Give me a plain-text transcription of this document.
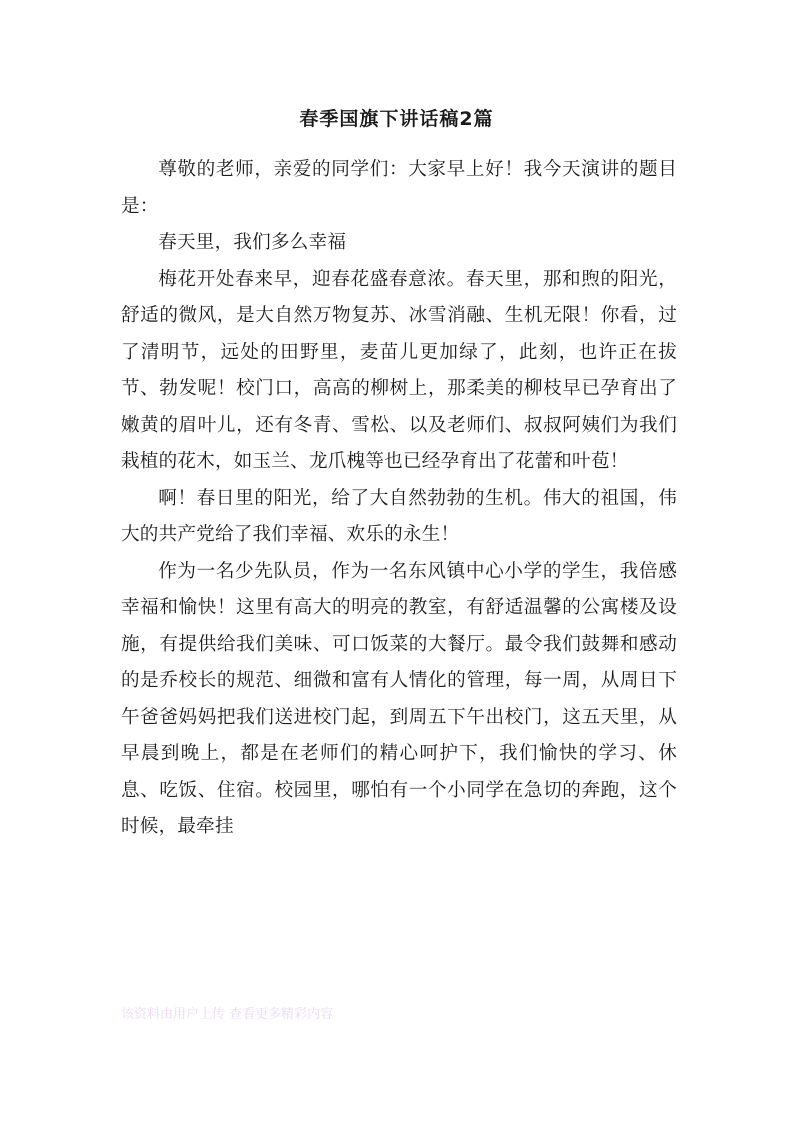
春季国旗下讲话稿2篇

尊敬的老师，亲爱的同学们：大家早上好！我今天演讲的题目是：

春天里，我们多么幸福

梅花开处春来早，迎春花盛春意浓。春天里，那和煦的阳光，舒适的微风，是大自然万物复苏、冰雪消融、生机无限！你看，过了清明节，远处的田野里，麦苗儿更加绿了，此刻，也许正在拔节、勃发呢！校门口，高高的柳树上，那柔美的柳枝早已孕育出了嫩黄的眉叶儿，还有冬青、雪松、以及老师们、叔叔阿姨们为我们栽植的花木，如玉兰、龙爪槐等也已经孕育出了花蕾和叶苞！

啊！春日里的阳光，给了大自然勃勃的生机。伟大的祖国，伟大的共产党给了我们幸福、欢乐的永生！

作为一名少先队员，作为一名东风镇中心小学的学生，我倍感幸福和愉快！这里有高大的明亮的教室，有舒适温馨的公寓楼及设施，有提供给我们美味、可口饭菜的大餐厅。最令我们鼓舞和感动的是乔校长的规范、细微和富有人情化的管理，每一周，从周日下午爸爸妈妈把我们送进校门起，到周五下午出校门，这五天里，从早晨到晚上，都是在老师们的精心呵护下，我们愉快的学习、休息、吃饭、住宿。校园里，哪怕有一个小同学在急切的奔跑，这个时候，最牵挂

该资料由用户上传 查看更多精彩内容
